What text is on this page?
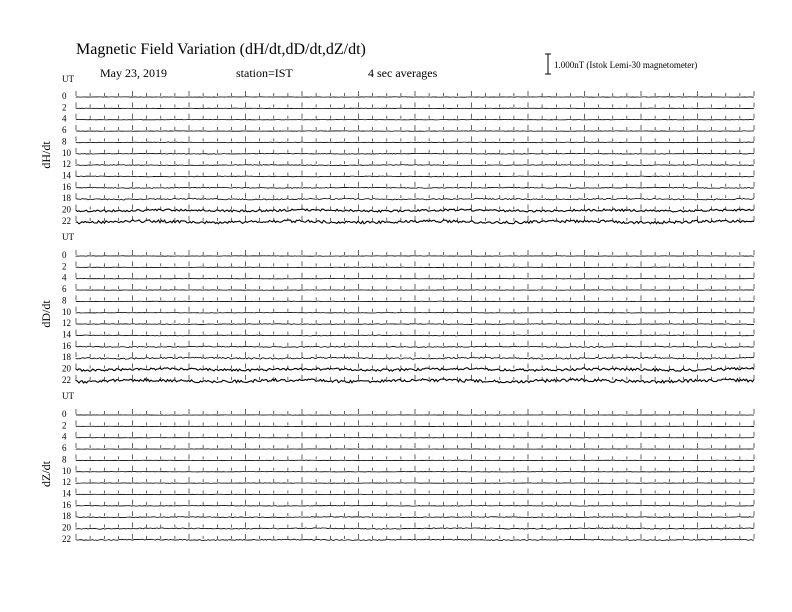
Magnetic Field Variation (dH/dt,dD/dt,dZ/dt)
May 23, 2019	station=IST	4 sec averages
1.000nT (Istok Lemi-30 magnetometer)
UT
dH/dt
0
2
4
6
8
10
12
14
16
18
20
22
UT
dD/dt
0
2
4
6
8
10
12
14
16
18
20
22
UT
dZ/dt
0
2
4
6
8
10
12
14
16
18
20
22
